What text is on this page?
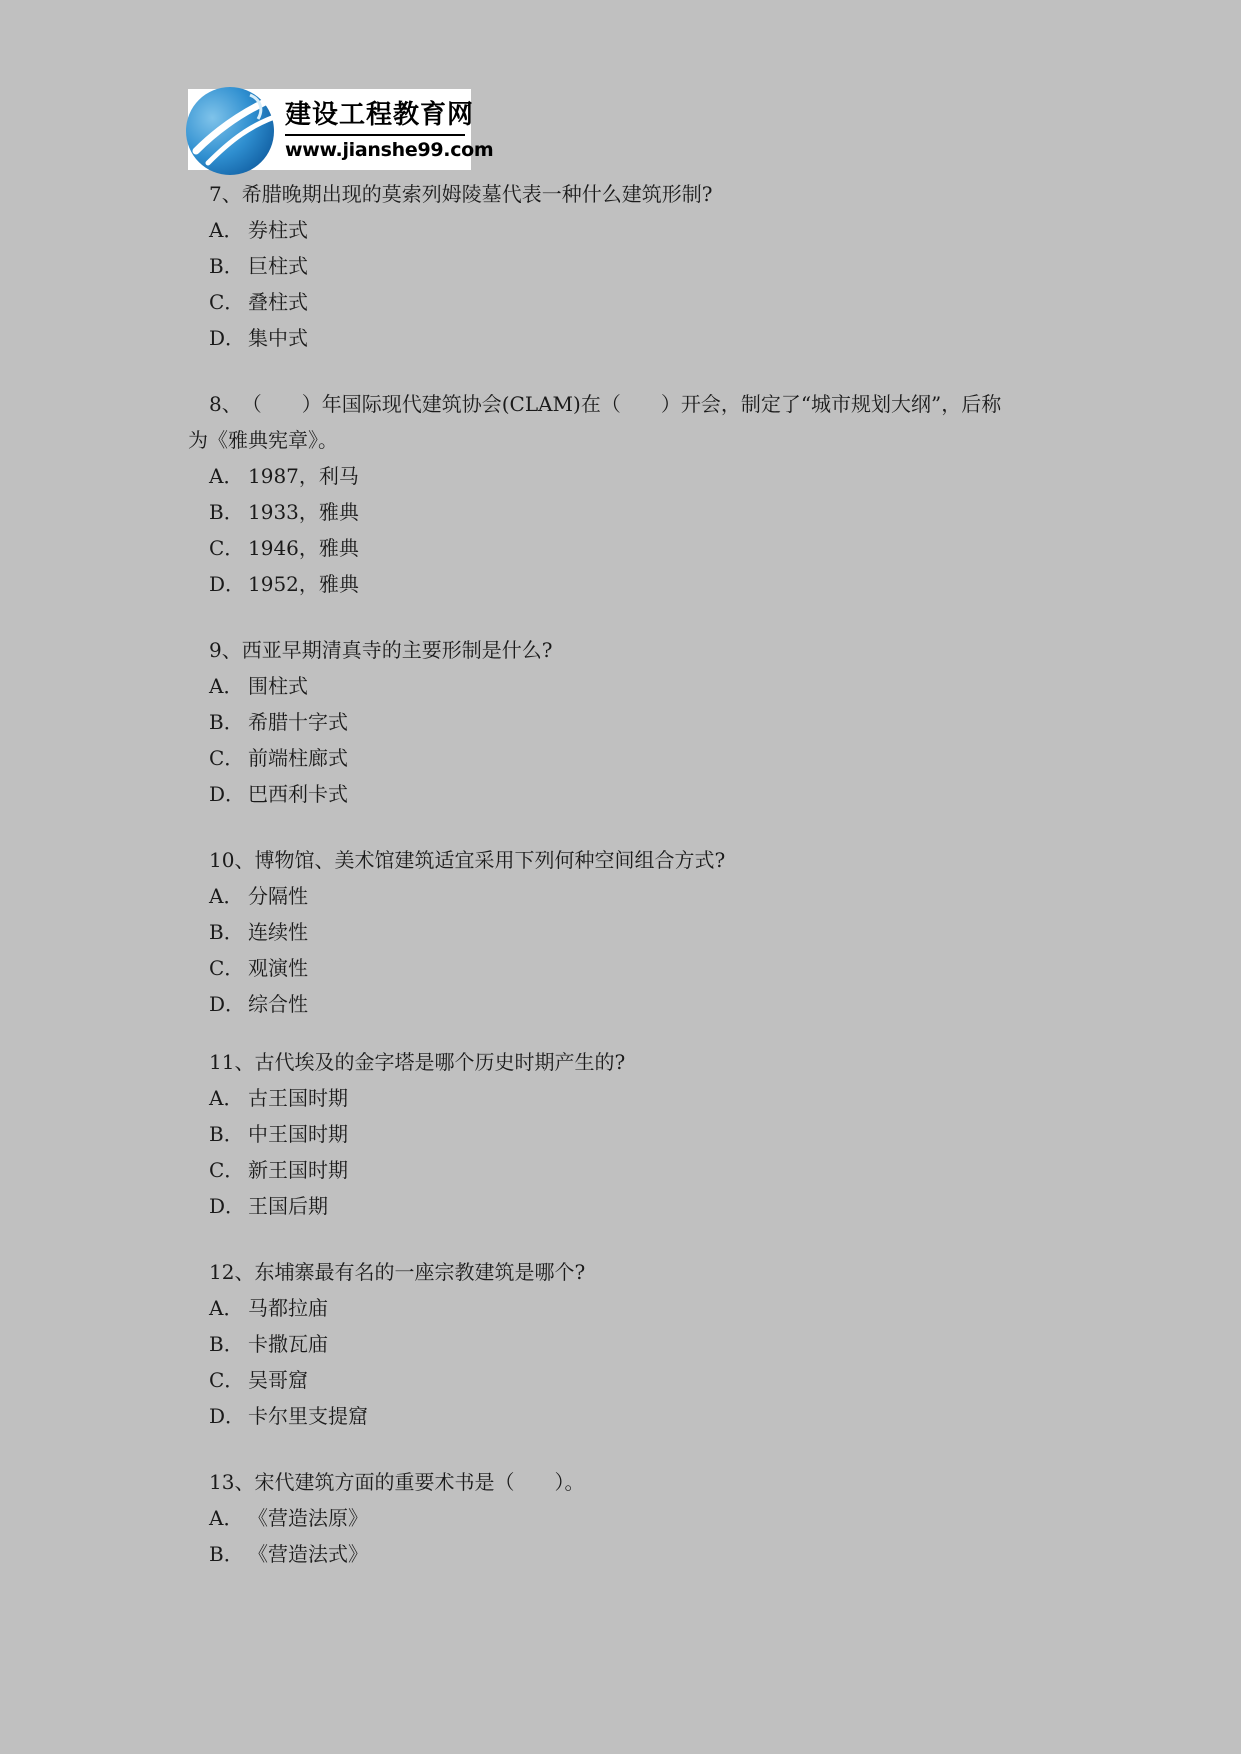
建设工程教育网
www.jianshe99.com
7、希腊晚期出现的莫索列姆陵墓代表一种什么建筑形制?
A． 券柱式
B． 巨柱式
C． 叠柱式
D． 集中式
8、　（　　）年国际现代建筑协会(CLAM)在（　　）开会，制定了“城市规划大纲”，后称
为《雅典宪章》。
A． 1987，利马
B． 1933，雅典
C． 1946，雅典
D． 1952，雅典
9、西亚早期清真寺的主要形制是什么?
A． 围柱式
B． 希腊十字式
C． 前端柱廊式
D． 巴西利卡式
10、博物馆、美术馆建筑适宜采用下列何种空间组合方式?
A． 分隔性
B． 连续性
C． 观演性
D． 综合性
11、古代埃及的金字塔是哪个历史时期产生的?
A． 古王国时期
B． 中王国时期
C． 新王国时期
D． 王国后期
12、东埔寨最有名的一座宗教建筑是哪个?
A． 马都拉庙
B． 卡撒瓦庙
C． 吴哥窟
D． 卡尔里支提窟
13、宋代建筑方面的重要术书是（　　）。
A． 《营造法原》
B． 《营造法式》
